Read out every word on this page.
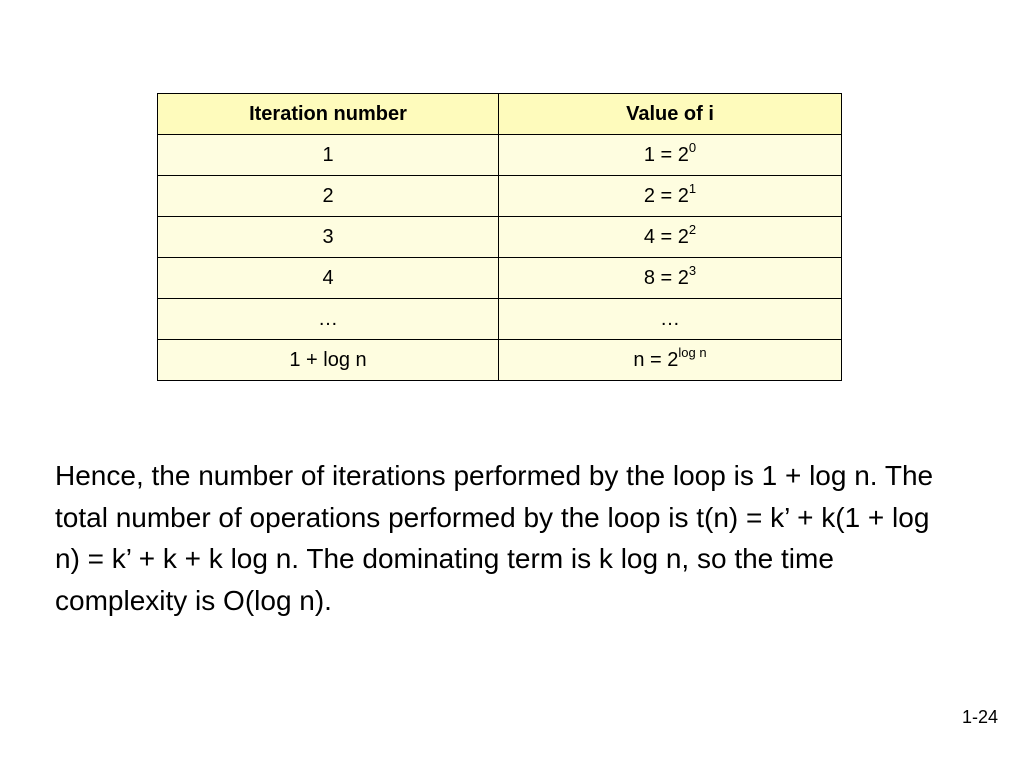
Iteration number	Value of i
1	$1 = 2^0$
2	$2 = 2^1$
3	$4 = 2^2$
4	$8 = 2^3$
…	…
1 + log n	$n = 2^{log n}$

Hence, the number of iterations performed by the loop is 1 + log n. The total number of operations performed by the loop is t(n) = k’ + k(1 + log n) = k’ + k + k log n. The dominating term is k log n, so the time complexity is O(log n).

1-24
